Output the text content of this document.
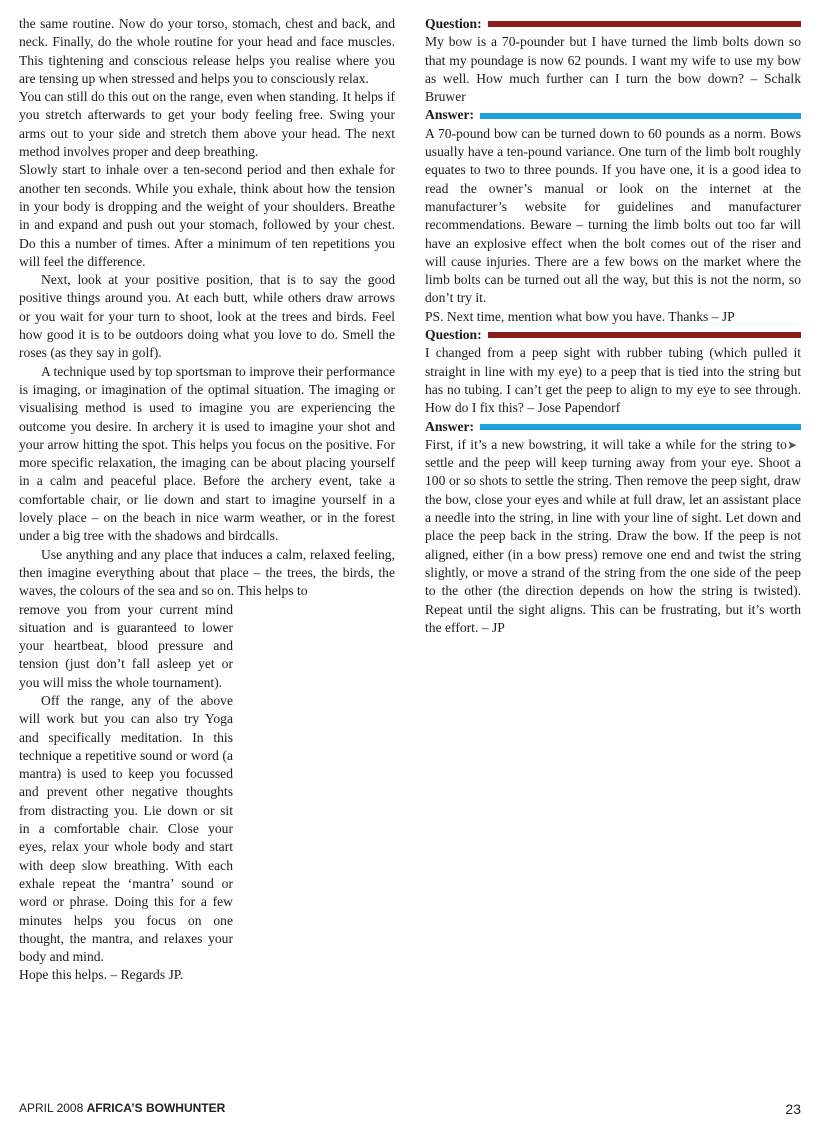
the same routine. Now do your torso, stomach, chest and back, and neck. Finally, do the whole routine for your head and face muscles. This tightening and conscious release helps you realise where you are tensing up when stressed and helps you to consciously relax.

You can still do this out on the range, even when standing. It helps if you stretch afterwards to get your body feeling free. Swing your arms out to your side and stretch them above your head. The next method involves proper and deep breathing.

Slowly start to inhale over a ten-second period and then exhale for another ten seconds. While you exhale, think about how the tension in your body is dropping and the weight of your shoulders. Breathe in and expand and push out your stomach, followed by your chest. Do this a number of times. After a minimum of ten repetitions you will feel the difference.

Next, look at your positive position, that is to say the good positive things around you. At each butt, while others draw arrows or you wait for your turn to shoot, look at the trees and birds. Feel how good it is to be outdoors doing what you love to do. Smell the roses (as they say in golf).

A technique used by top sportsman to improve their performance is imaging, or imagination of the optimal situation. The imaging or visualising method is used to imagine you are experiencing the outcome you desire. In archery it is used to imagine your shot and your arrow hitting the spot. This helps you focus on the positive. For more specific relaxation, the imaging can be about placing yourself in a calm and peaceful place. Before the archery event, take a comfortable chair, or lie down and start to imagine yourself in a lovely place – on the beach in nice warm weather, or in the forest under a big tree with the shadows and birdcalls.

Use anything and any place that induces a calm, relaxed feeling, then imagine everything about that place – the trees, the birds, the waves, the colours of the sea and so on. This helps to

remove you from your current mind situation and is guaranteed to lower your heartbeat, blood pressure and tension (just don’t fall asleep yet or you will miss the whole tournament).

Off the range, any of the above will work but you can also try Yoga and specifically meditation. In this technique a repetitive sound or word (a mantra) is used to keep you focussed and prevent other negative thoughts from distracting you. Lie down or sit in a comfortable chair. Close your eyes, relax your whole body and start with deep slow breathing. With each exhale repeat the ‘mantra’ sound or word or phrase. Doing this for a few minutes helps you focus on one thought, the mantra, and relaxes your body and mind.

Hope this helps. – Regards JP.

Question:

My bow is a 70-pounder but I have turned the limb bolts down so that my poundage is now 62 pounds. I want my wife to use my bow as well. How much further can I turn the bow down? – Schalk Bruwer

Answer:

A 70-pound bow can be turned down to 60 pounds as a norm. Bows usually have a ten-pound variance. One turn of the limb bolt roughly equates to two to three pounds. If you have one, it is a good idea to read the owner’s manual or look on the internet at the manufacturer’s website for guidelines and manufacturer recommendations. Beware – turning the limb bolts out too far will have an explosive effect when the bolt comes out of the riser and will cause injuries. There are a few bows on the market where the limb bolts can be turned out all the way, but this is not the norm, so don’t try it.

PS. Next time, mention what bow you have. Thanks – JP

Question:

I changed from a peep sight with rubber tubing (which pulled it straight in line with my eye) to a peep that is tied into the string but has no tubing. I can’t get the peep to align to my eye to see through. How do I fix this? – Jose Papendorf

Answer:

➤
First, if it’s a new bowstring, it will take a while for the string to settle and the peep will keep turning away from your eye. Shoot a 100 or so shots to settle the string. Then remove the peep sight, draw the bow, close your eyes and while at full draw, let an assistant place a needle into the string, in line with your line of sight. Let down and place the peep back in the string. Draw the bow. If the peep is not aligned, either (in a bow press) remove one end and twist the string slightly, or move a strand of the string from the one side of the peep to the other (the direction depends on how the string is twisted). Repeat until the sight aligns. This can be frustrating, but it’s worth the effort. – JP

APRIL 2008 AFRICA’S BOWHUNTER	23
